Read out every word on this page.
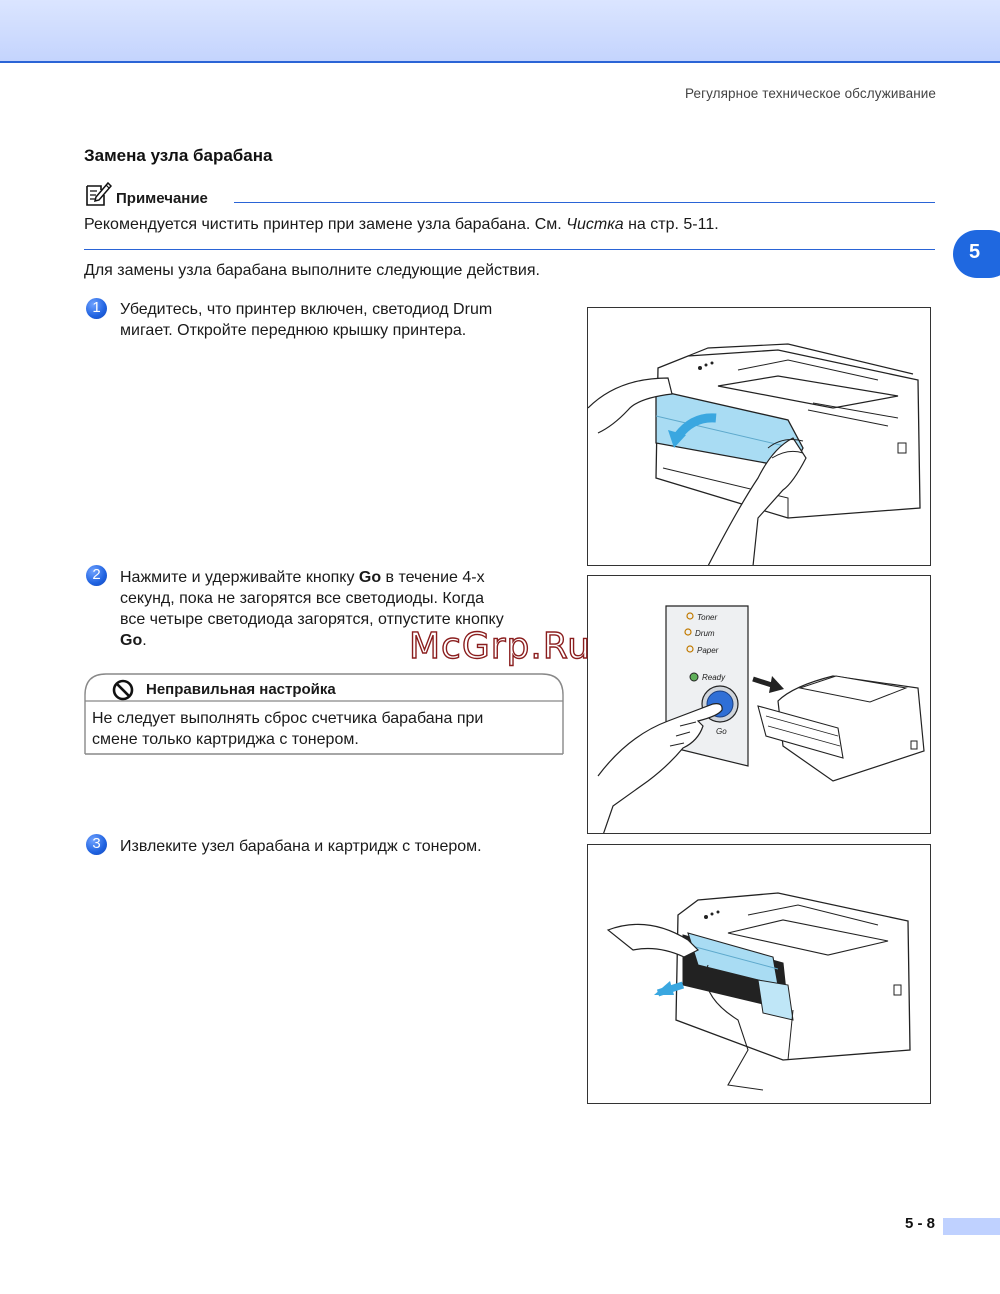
Регулярное техническое обслуживание
5
Замена узла барабана
Примечание
Рекомендуется чистить принтер при замене узла барабана. См. Чистка на стр. 5-11.
Для замены узла барабана выполните следующие действия.
1	Убедитесь, что принтер включен, светодиод Drum
мигает. Откройте переднюю крышку принтера.
2	Нажмите и удерживайте кнопку Go в течение 4-х
секунд, пока не загорятся все светодиоды. Когда
все четыре светодиода загорятся, отпустите кнопку
Go.
Toner
Drum
Paper
Ready
Go
Неправильная настройка
Не следует выполнять сброс счетчика барабана при
смене только картриджа с тонером.
McGrp.Ru
3	Извлеките узел барабана и картридж с тонером.
5 - 8
